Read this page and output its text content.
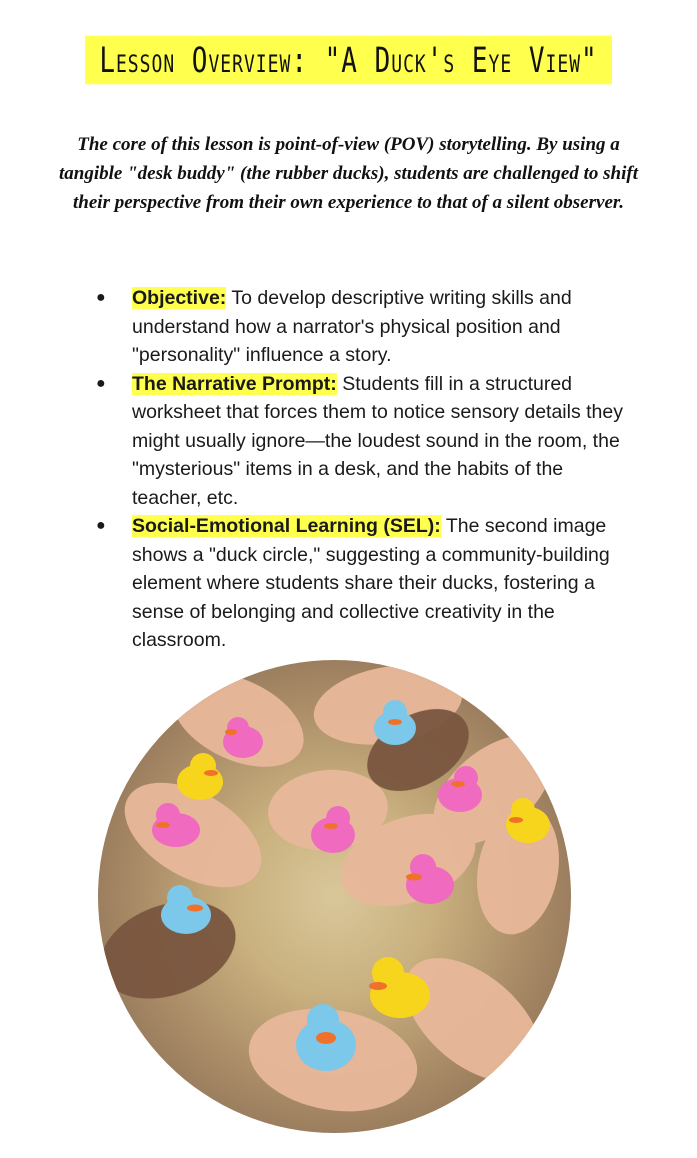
Lesson Overview: "A Duck's Eye View"
The core of this lesson is point-of-view (POV) storytelling. By using a tangible "desk buddy" (the rubber ducks), students are challenged to shift their perspective from their own experience to that of a silent observer.
● Objective: To develop descriptive writing skills and understand how a narrator's physical position and "personality" influence a story.
● The Narrative Prompt: Students fill in a structured worksheet that forces them to notice sensory details they might usually ignore—the loudest sound in the room, the "mysterious" items in a desk, and the habits of the teacher, etc.
● Social-Emotional Learning (SEL): The second image shows a "duck circle," suggesting a community-building element where students share their ducks, fostering a sense of belonging and collective creativity in the classroom.
